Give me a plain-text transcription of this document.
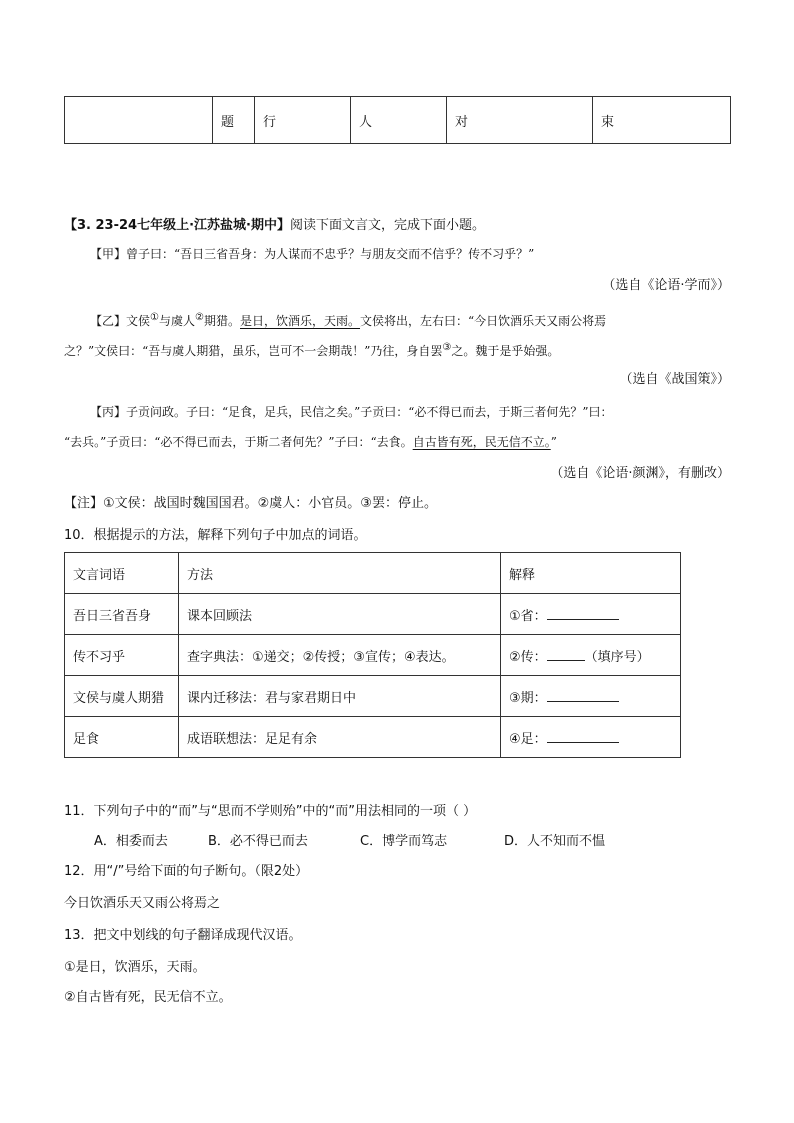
	题	行	人	对	束
【3. 23-24七年级上·江苏盐城·期中】阅读下面文言文，完成下面小题。
【甲】曾子曰：“吾日三省吾身：为人谋而不忠乎？与朋友交而不信乎？传不习乎？”
（选自《论语·学而》）
【乙】文侯①与虞人②期猎。是日，饮酒乐，天雨。文侯将出，左右曰：“今日饮酒乐天又雨公将焉
之？”文侯曰：“吾与虞人期猎，虽乐，岂可不一会期哉！”乃往，身自罢③之。魏于是乎始强。
（选自《战国策》）
【丙】子贡问政。子曰：“足食，足兵，民信之矣。”子贡曰：“必不得已而去，于斯三者何先？”曰：
“去兵。”子贡曰：“必不得已而去，于斯二者何先？”子曰：“去食。自古皆有死，民无信不立。”
（选自《论语·颜渊》，有删改）
【注】①文侯：战国时魏国国君。②虞人：小官员。③罢：停止。
10．根据提示的方法，解释下列句子中加点的词语。
文言词语	方法	解释
吾日三省吾身	课本回顾法	①省：
传不习乎	查字典法：①递交；②传授；③宣传；④表达。	②传： （填序号）
文侯与虞人期猎	课内迁移法：君与家君期日中	③期：
足食	成语联想法：足足有余	④足：
11．下列句子中的“而”与“思而不学则殆”中的“而”用法相同的一项（ ）
A．相委而去	B．必不得已而去	C．博学而笃志	D．人不知而不愠
12．用“/”号给下面的句子断句。（限2处）
今日饮酒乐天又雨公将焉之
13．把文中划线的句子翻译成现代汉语。
①是日，饮酒乐，天雨。
②自古皆有死，民无信不立。
